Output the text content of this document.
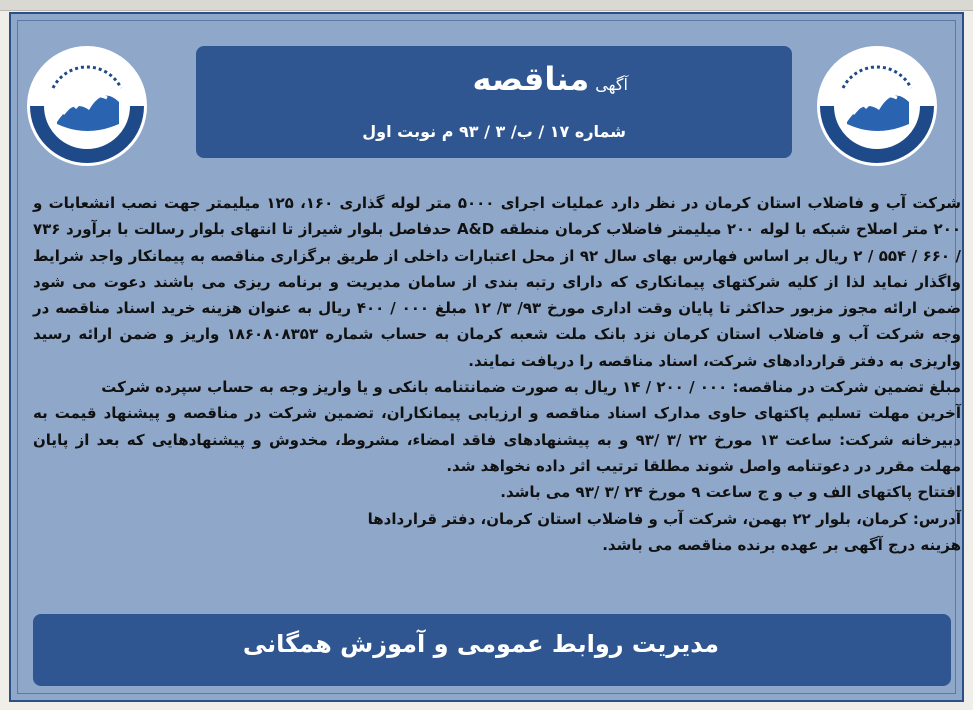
آگهی
مناقصه
شماره ۱۷ / ب/ ۳ / ۹۳ م نوبت اول

شرکت آب و فاضلاب استان کرمان در نظر دارد عملیات اجرای ۵۰۰۰ متر لوله گذاری ۱۶۰، ۱۲۵ میلیمتر جهت نصب انشعابات و ۲۰۰ متر اصلاح شبکه با لوله ۲۰۰ میلیمتر فاضلاب کرمان منطقه A&D حدفاصل بلوار شیراز تا انتهای بلوار رسالت با برآورد ۷۳۶ / ۶۶۰ / ۵۵۴ / ۲ ریال بر اساس فهارس بهای سال ۹۲ از محل اعتبارات داخلی از طریق برگزاری مناقصه به پیمانکار واجد شرایط واگذار نماید لذا از کلیه شرکتهای پیمانکاری که دارای رتبه بندی از سامان مدیریت و برنامه ریزی می باشند دعوت می شود ضمن ارائه مجوز مزبور حداکثر تا پایان وقت اداری مورخ ۹۳/ ۳/ ۱۲ مبلغ ۰۰۰ / ۴۰۰ ریال به عنوان هزینه خرید اسناد مناقصه در وجه شرکت آب و فاضلاب استان کرمان نزد بانک ملت شعبه کرمان به حساب شماره ۱۸۶۰۸۰۸۳۵۳ واریز و ضمن ارائه رسید واریزی به دفتر قراردادهای شرکت، اسناد مناقصه را دریافت نمایند.

مبلغ تضمین شرکت در مناقصه: ۰۰۰ / ۲۰۰ / ۱۴ ریال به صورت ضمانتنامه بانکی و یا واریز وجه به حساب سپرده شرکت

آخرین مهلت تسلیم پاکتهای حاوی مدارک اسناد مناقصه و ارزیابی پیمانکاران، تضمین شرکت در مناقصه و پیشنهاد قیمت به دبیرخانه شرکت: ساعت ۱۳ مورخ ۲۲ /۳ /۹۳ و به پیشنهادهای فاقد امضاء، مشروط، مخدوش و پیشنهادهایی که بعد از پایان مهلت مقرر در دعوتنامه واصل شوند مطلقا ترتیب اثر داده نخواهد شد.

افتتاح پاکتهای الف و ب و ج ساعت ۹ مورخ ۲۴ /۳ /۹۳ می باشد.

آدرس: کرمان، بلوار ۲۲ بهمن، شرکت آب و فاضلاب استان کرمان، دفتر قراردادها

هزینه درج آگهی بر عهده برنده مناقصه می باشد.

مدیریت روابط عمومی و آموزش همگانی
